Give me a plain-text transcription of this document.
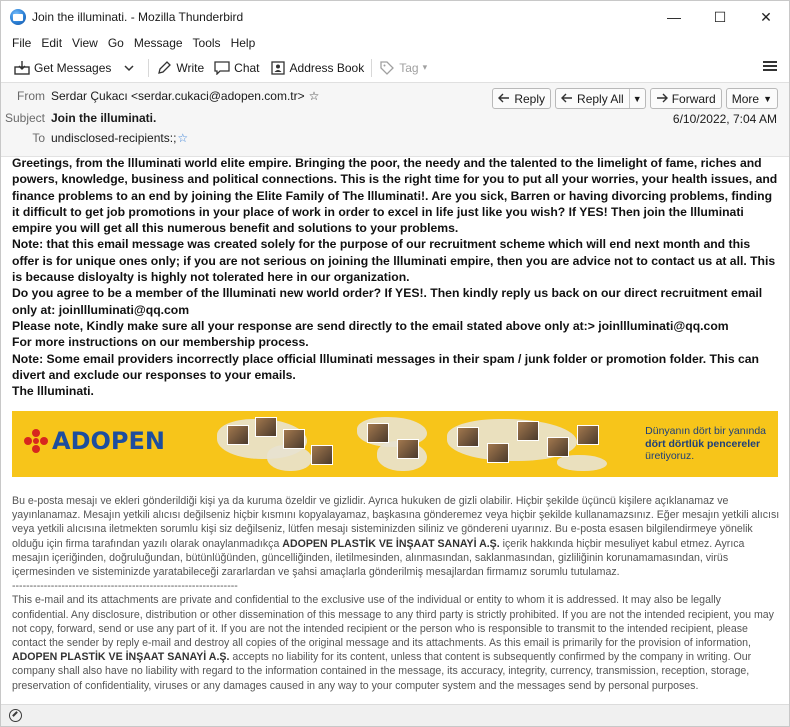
Join the illuminati. - Mozilla Thunderbird	—	☐	✕
File Edit View Go Message Tools Help
Get Messages	Write	Chat	Address Book	Tag ▾
From Serdar Çukacı <serdar.cukaci@adopen.com.tr> ☆
Subject Join the illuminati.
To undisclosed-recipients:; ☆
Reply	Reply All	▼	Forward More ▼
6/10/2022, 7:04 AM

Greetings, from the llluminati world elite empire. Bringing the poor, the needy and the talented to the limelight of fame, riches and powers, knowledge, business and political connections. This is the right time for you to put all your worries, your health issues, and finance problems to an end by joining the Elite Family of The llluminati!. Are you sick, Barren or having divorcing problems, finding it difficult to get job promotions in your place of work in order to excel in life just like you wish? If YES! Then join the llluminati empire you will get all this numerous benefit and solutions to your problems.

Note: that this email message was created solely for the purpose of our recruitment scheme which will end next month and this offer is for unique ones only; if you are not serious on joining the llluminati empire, then you are advice not to contact us at all. This is because disloyalty is highly not tolerated here in our organization.

Do you agree to be a member of the llluminati new world order? If YES!. Then kindly reply us back on our direct recruitment email only at: joinllluminati@qq.com

Please note, Kindly make sure all your response are send directly to the email stated above only at:> joinllluminati@qq.com

For more instructions on our membership process.

Note: Some email providers incorrectly place official llluminati messages in their spam / junk folder or promotion folder. This can divert and exclude our responses to your emails.

The llluminati.

ADOPEN	Dünyanın dört bir yanında
dört dörtlük pencereler
üretiyoruz.

Bu e-posta mesajı ve ekleri gönderildiği kişi ya da kuruma özeldir ve gizlidir. Ayrıca hukuken de gizli olabilir. Hiçbir şekilde üçüncü kişilere açıklanamaz ve yayınlanamaz. Mesajın yetkili alıcısı değilseniz hiçbir kısmını kopyalayamaz, başkasına gönderemez veya hiçbir şekilde kullanamazsınız. Eğer mesajın yetkili alıcısı veya yetkili alıcısına iletmekten sorumlu kişi siz değilseniz, lütfen mesajı sisteminizden siliniz ve göndereni uyarınız. Bu e-posta esasen bilgilendirmeye yönelik olduğu için firma tarafından yazılı olarak onaylanmadıkça ADOPEN PLASTİK VE İNŞAAT SANAYİ A.Ş. içerik hakkında hiçbir mesuliyet kabul etmez. Ayrıca mesajın içeriğinden, doğruluğundan, bütünlüğünden, güncelliğinden, iletilmesinden, alınmasından, saklanmasından, gizliliğinin korunamamasından, virüs içermesinden ve sisteminizde yaratabileceği zararlardan ve şahsi amaçlarla gönderilmiş mesajlardan firmamız sorumlu tutulamaz.

----------------------------------------------------------------

This e-mail and its attachments are private and confidential to the exclusive use of the individual or entity to whom it is addressed. It may also be legally confidential. Any disclosure, distribution or other dissemination of this message to any third party is strictly prohibited. If you are not the intended recipient, you may not copy, forward, send or use any part of it. If you are not the intended recipient or the person who is responsible to transmit to the intended recipient, please contact the sender by reply e-mail and destroy all copies of the original message and its attachments. As this email is primarily for the provision of information, ADOPEN PLASTİK VE İNŞAAT SANAYİ A.Ş. accepts no liability for its content, unless that content is subsequently confirmed by the company in writing. Our company shall also have no liability with regard to the information contained in the message, its accuracy, integrity, currency, transmission, reception, storage, preservation of confidentiality, viruses or any damages caused in any way to your computer system and the messages send by personal purposes.
